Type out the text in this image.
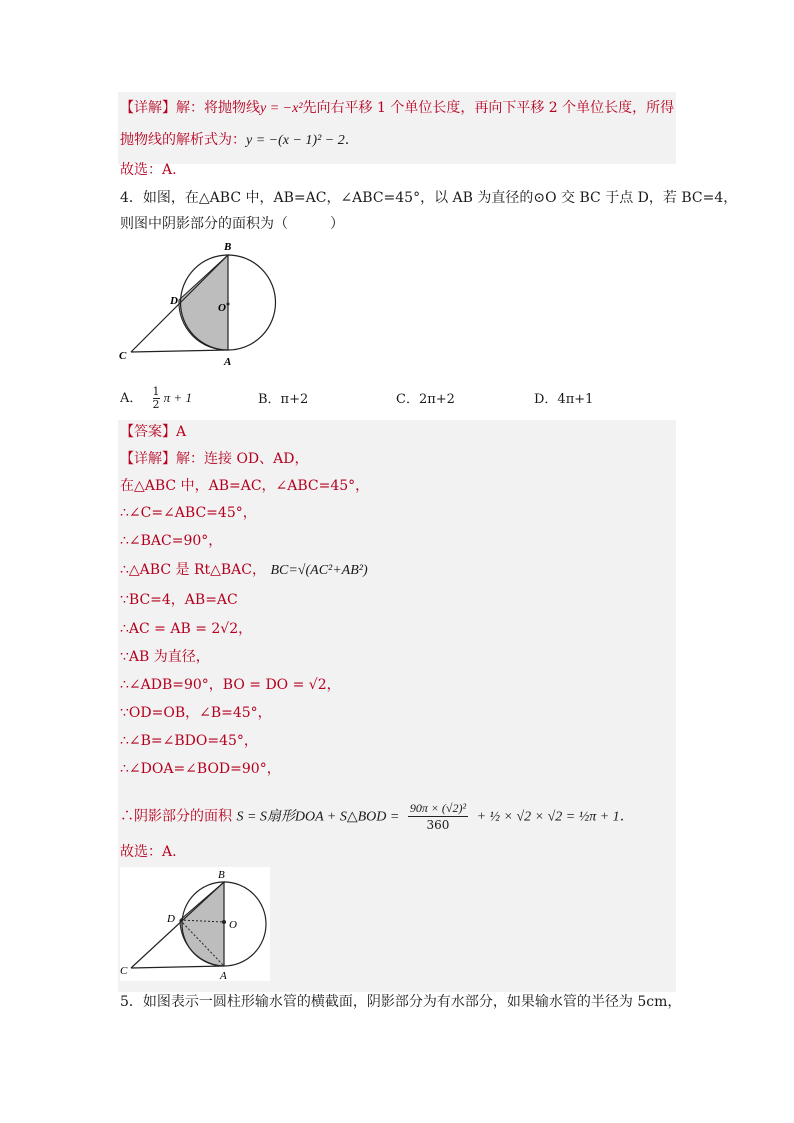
【详解】解：将抛物线y = −x²先向右平移 1 个单位长度，再向下平移 2 个单位长度，所得
抛物线的解析式为：y = −(x − 1)² − 2.
故选：A.
4．如图，在△ABC 中，AB=AC，∠ABC=45°，以 AB 为直径的⊙O 交 BC 于点 D，若 BC=4，
则图中阴影部分的面积为（　　　）
B
D
O
C	A
A． $\frac{1}{2}$ π + 1	B．π+2	C．2π+2	D．4π+1
【答案】A
【详解】解：连接 OD、AD，
在△ABC 中，AB=AC，∠ABC=45°，
∴∠C=∠ABC=45°，
∴∠BAC=90°，
∴△ABC 是 Rt△BAC， BC=√(AC²+AB²)
∵BC=4，AB=AC
∴AC = AB = 2√2，
∵AB 为直径，
∴∠ADB=90°，BO = DO = √2，
∵OD=OB，∠B=45°，
∴∠B=∠BDO=45°，
∴∠DOA=∠BOD=90°，
∴阴影部分的面积 S = S扇形DOA + S△BOD = $\frac{\text{90π × (√2)²}}{360}$ + ½ × √2 × √2 = ½π + 1.
故选：A.
B
D	O
C	A
5．如图表示一圆柱形输水管的横截面，阴影部分为有水部分，如果输水管的半径为 5cm，
